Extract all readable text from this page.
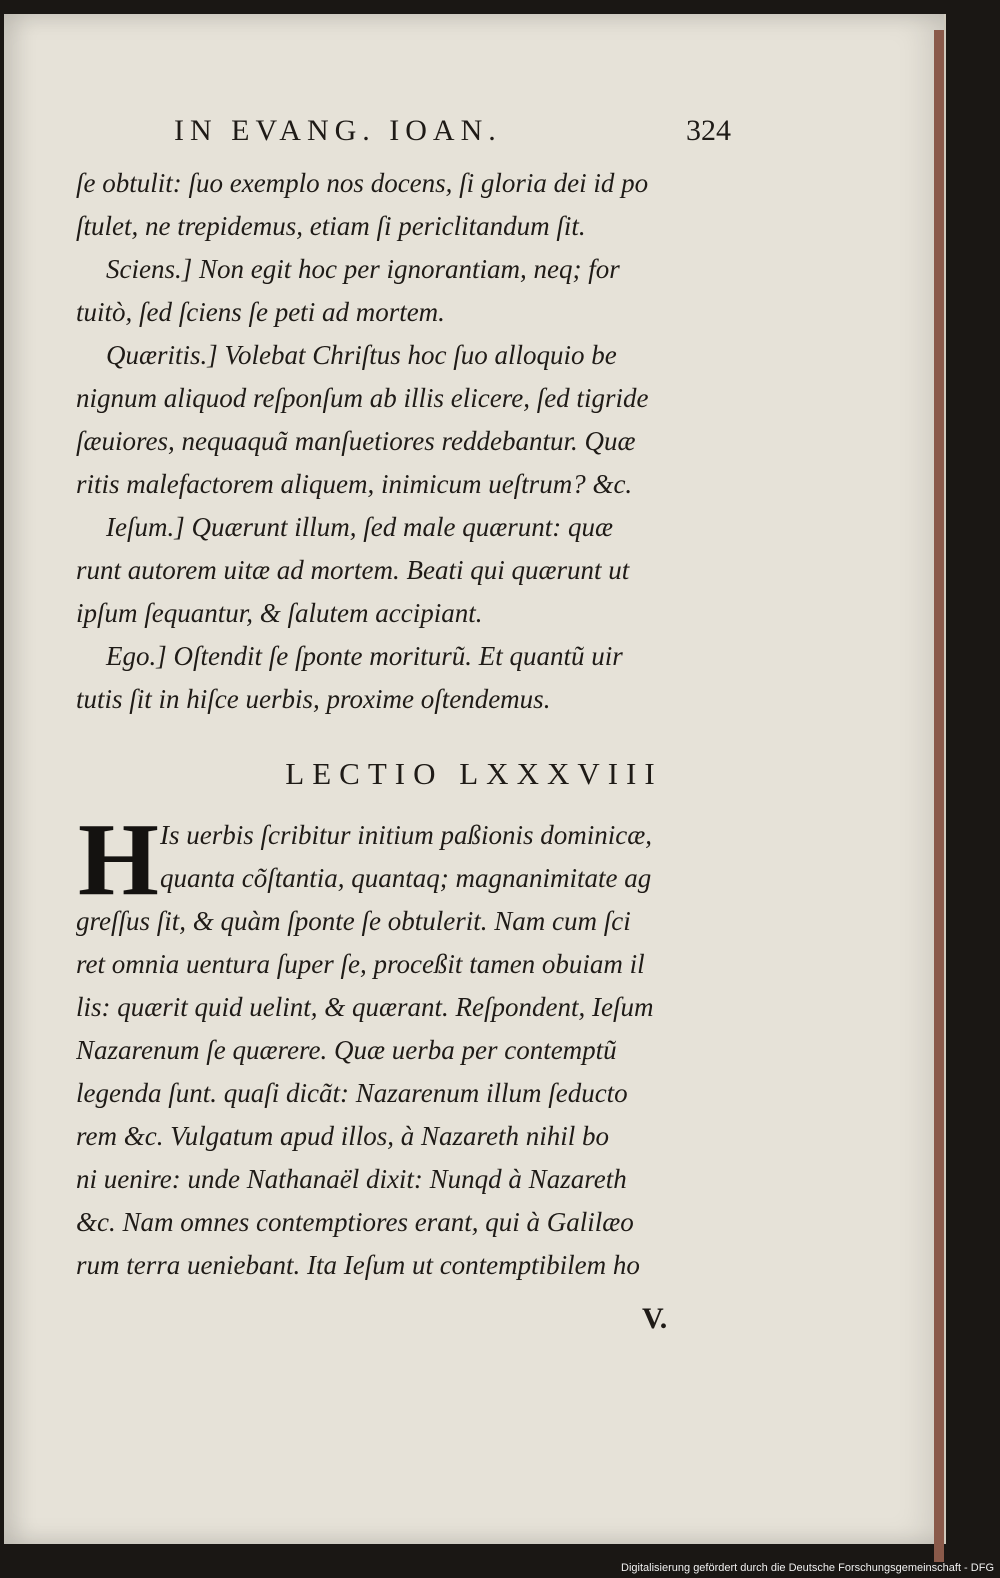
IN EVANG. IOAN.	324
ſe obtulit: ſuo exemplo nos docens, ſi gloria dei id po
ſtulet, ne trepidemus, etiam ſi periclitandum ſit.
Sciens.] Non egit hoc per ignorantiam, neq; for
tuitò, ſed ſciens ſe peti ad mortem.
Quæritis.] Volebat Chriſtus hoc ſuo alloquio be
nignum aliquod reſponſum ab illis elicere, ſed tigride
ſæuiores, nequaquã manſuetiores reddebantur. Quæ
ritis malefactorem aliquem, inimicum ueſtrum? &c.
Ieſum.] Quærunt illum, ſed male quærunt: quæ
runt autorem uitæ ad mortem. Beati qui quærunt ut
ipſum ſequantur, & ſalutem accipiant.
Ego.] Oſtendit ſe ſponte moriturũ. Et quantũ uir
tutis ſit in hiſce uerbis, proxime oſtendemus.
LECTIO LXXXVIII
H Is uerbis ſcribitur initium paßionis dominicæ,
quanta cõſtantia, quantaq; magnanimitate ag
greſſus ſit, & quàm ſponte ſe obtulerit. Nam cum ſci
ret omnia uentura ſuper ſe, proceßit tamen obuiam il
lis: quærit quid uelint, & quærant. Reſpondent, Ieſum
Nazarenum ſe quærere. Quæ uerba per contemptũ
legenda ſunt. quaſi dicãt: Nazarenum illum ſeducto
rem &c. Vulgatum apud illos, à Nazareth nihil bo
ni uenire: unde Nathanaël dixit: Nunqd à Nazareth
&c. Nam omnes contemptiores erant, qui à Galilæo
rum terra ueniebant. Ita Ieſum ut contemptibilem ho
V.
Digitalisierung gefördert durch die Deutsche Forschungsgemeinschaft - DFG
